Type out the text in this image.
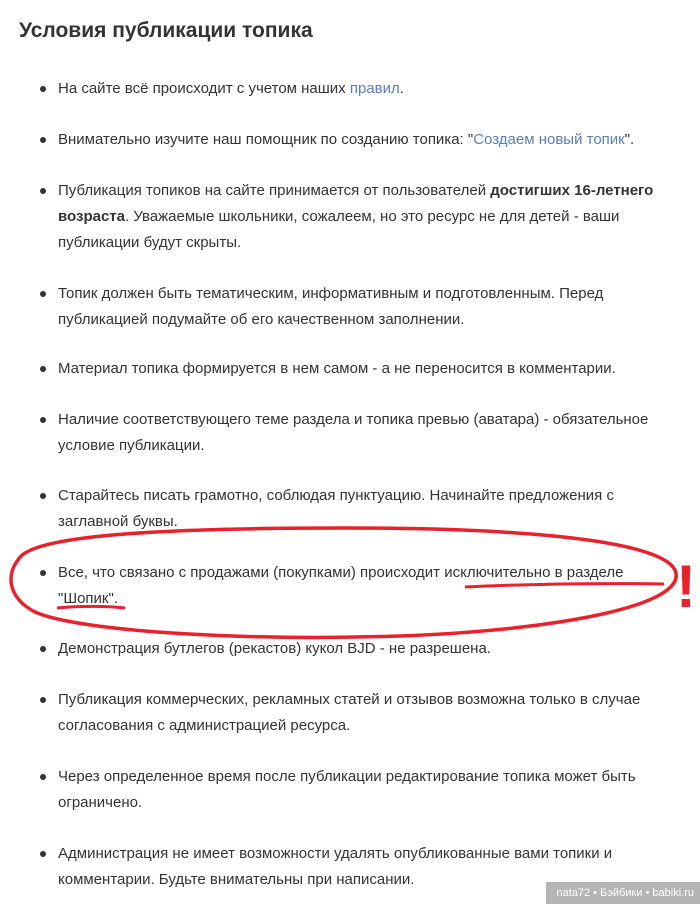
Условия публикации топика
На сайте всё происходит с учетом наших правил.
Внимательно изучите наш помощник по созданию топика: "Создаем новый топик".
Публикация топиков на сайте принимается от пользователей достигших 16-летнего возраста. Уважаемые школьники, сожалеем, но это ресурс не для детей - ваши публикации будут скрыты.
Топик должен быть тематическим, информативным и подготовленным. Перед публикацией подумайте об его качественном заполнении.
Материал топика формируется в нем самом - а не переносится в комментарии.
Наличие соответствующего теме раздела и топика превью (аватара) - обязательное условие публикации.
Старайтесь писать грамотно, соблюдая пунктуацию. Начинайте предложения с заглавной буквы.
Все, что связано с продажами (покупками) происходит исключительно в разделе "Шопик".
Демонстрация бутлегов (рекастов) кукол BJD - не разрешена.
Публикация коммерческих, рекламных статей и отзывов возможна только в случае согласования с администрацией ресурса.
Через определенное время после публикации редактирование топика может быть ограничено.
Администрация не имеет возможности удалять опубликованные вами топики и комментарии. Будьте внимательны при написании.
!
nata72 • Бэйбики • babiki.ru
